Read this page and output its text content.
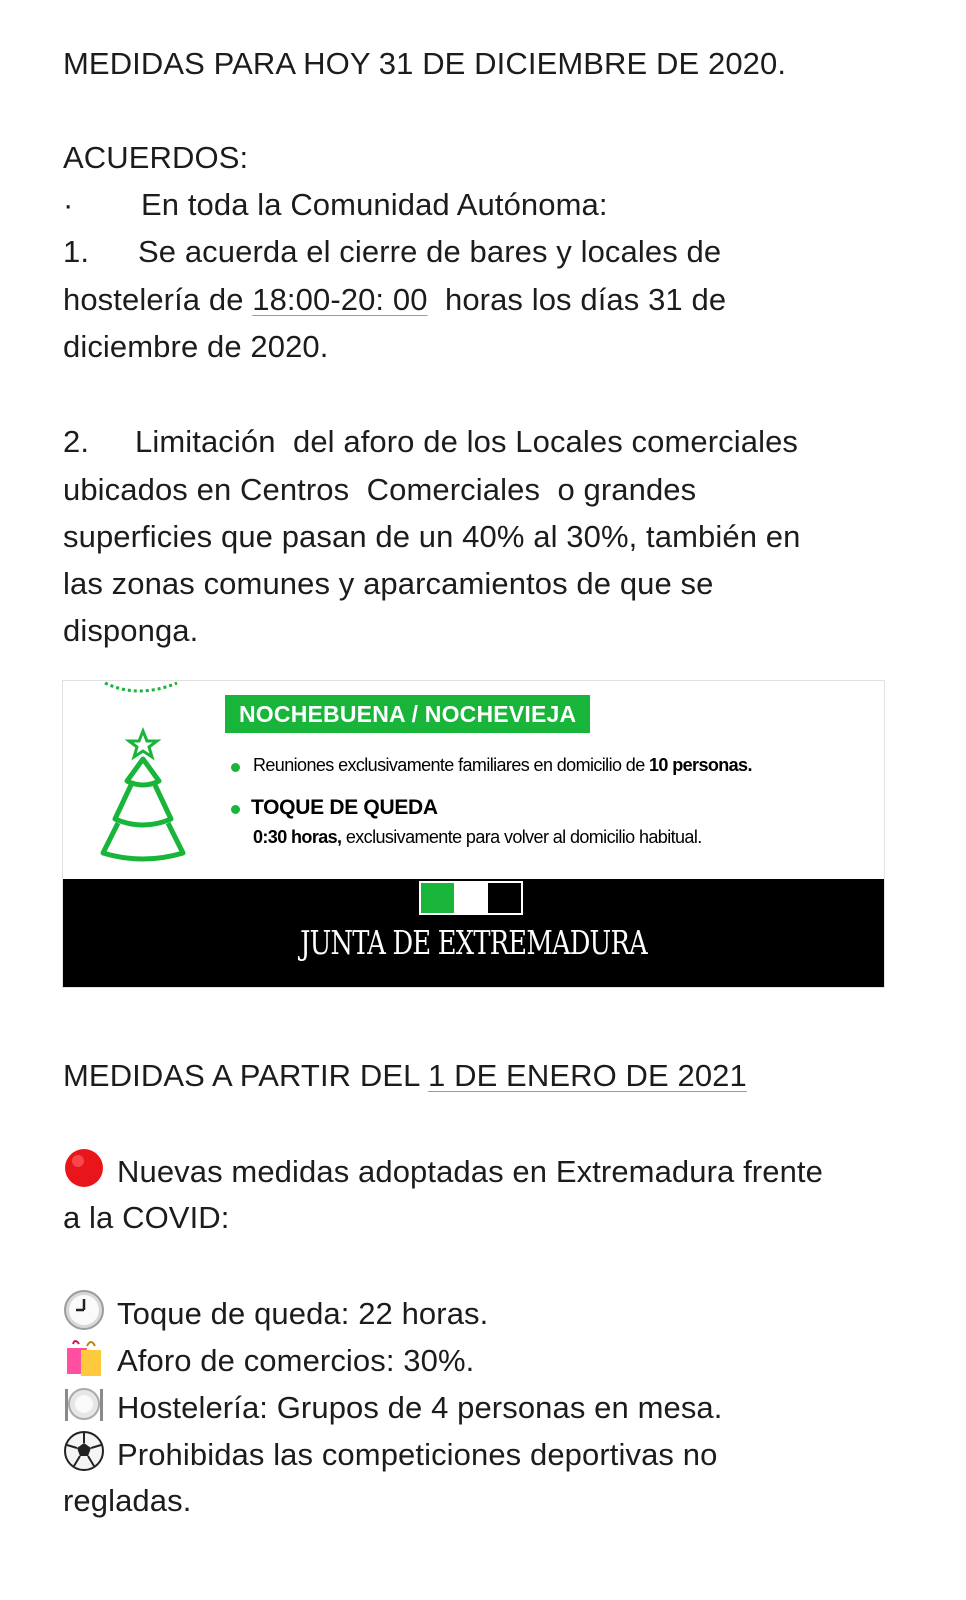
MEDIDAS PARA HOY 31 DE DICIEMBRE DE 2020.
ACUERDOS:
· En toda la Comunidad Autónoma:
1. Se acuerda el cierre de bares y locales de
hostelería de 18:00-20: 00  horas los días 31 de
diciembre de 2020.
2. Limitación  del aforo de los Locales comerciales
ubicados en Centros  Comerciales  o grandes
superficies que pasan de un 40% al 30%, también en
las zonas comunes y aparcamientos de que se
disponga.
NOCHEBUENA / NOCHEVIEJA
Reuniones exclusivamente familiares en domicilio de 10 personas.
TOQUE DE QUEDA
0:30 horas, exclusivamente para volver al domicilio habitual.
JUNTA DE EXTREMADURA
MEDIDAS A PARTIR DEL 1 DE ENERO DE 2021
Nuevas medidas adoptadas en Extremadura frente
a la COVID:
Toque de queda: 22 horas.
Aforo de comercios: 30%.
Hostelería: Grupos de 4 personas en mesa.
Prohibidas las competiciones deportivas no
regladas.
